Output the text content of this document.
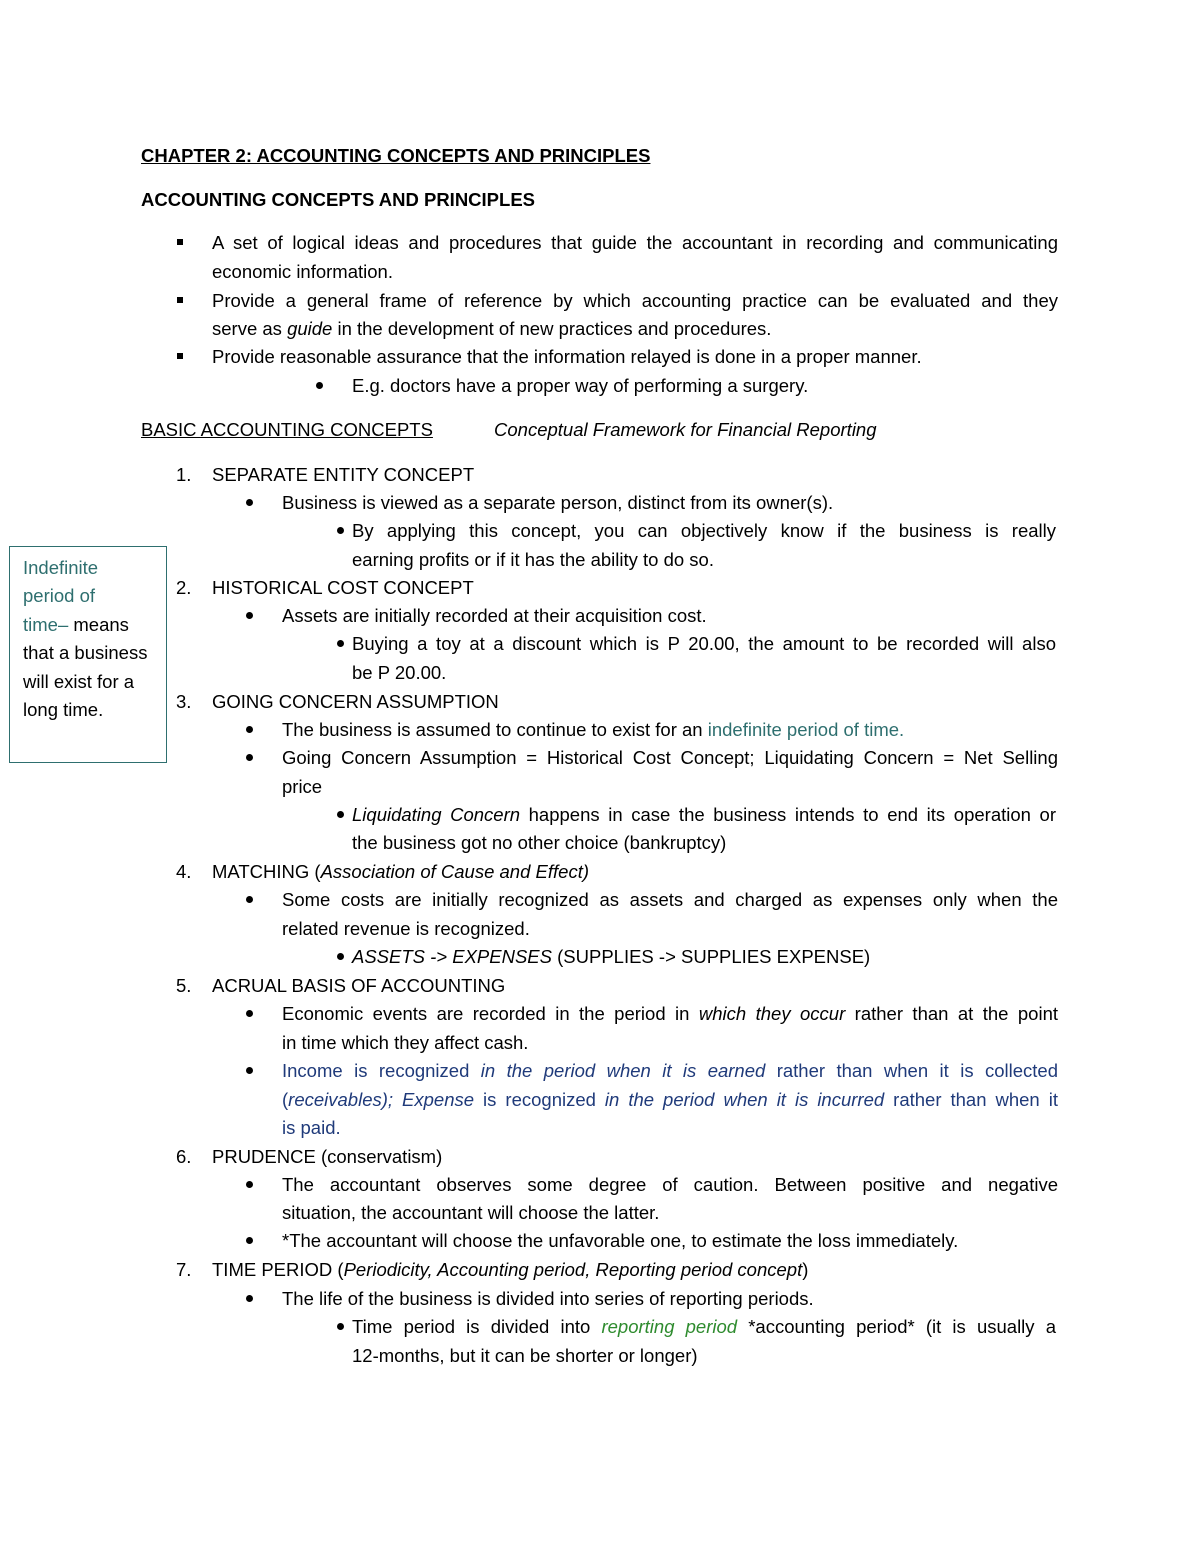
CHAPTER 2: ACCOUNTING CONCEPTS AND PRINCIPLES
ACCOUNTING CONCEPTS AND PRINCIPLES
A set of logical ideas and procedures that guide the accountant in recording and communicating
economic information.
Provide a general frame of reference by which accounting practice can be evaluated and they
serve as guide in the development of new practices and procedures.
Provide reasonable assurance that the information relayed is done in a proper manner.
E.g. doctors have a proper way of performing a surgery.
BASIC ACCOUNTING CONCEPTS	Conceptual Framework for Financial Reporting
Indefinite
period of
time– means
that a business
will exist for a
long time.
1. SEPARATE ENTITY CONCEPT
Business is viewed as a separate person, distinct from its owner(s).
By applying this concept, you can objectively know if the business is really
earning profits or if it has the ability to do so.
2. HISTORICAL COST CONCEPT
Assets are initially recorded at their acquisition cost.
Buying a toy at a discount which is P 20.00, the amount to be recorded will also
be P 20.00.
3. GOING CONCERN ASSUMPTION
The business is assumed to continue to exist for an indefinite period of time.
Going Concern Assumption = Historical Cost Concept; Liquidating Concern = Net Selling
price
Liquidating Concern happens in case the business intends to end its operation or
the business got no other choice (bankruptcy)
4. MATCHING (Association of Cause and Effect)
Some costs are initially recognized as assets and charged as expenses only when the
related revenue is recognized.
ASSETS -> EXPENSES (SUPPLIES -> SUPPLIES EXPENSE)
5. ACRUAL BASIS OF ACCOUNTING
Economic events are recorded in the period in which they occur rather than at the point
in time which they affect cash.
Income is recognized in the period when it is earned rather than when it is collected
(receivables); Expense is recognized in the period when it is incurred rather than when it
is paid.
6. PRUDENCE (conservatism)
The accountant observes some degree of caution. Between positive and negative
situation, the accountant will choose the latter.
*The accountant will choose the unfavorable one, to estimate the loss immediately.
7. TIME PERIOD (Periodicity, Accounting period, Reporting period concept)
The life of the business is divided into series of reporting periods.
Time period is divided into reporting period *accounting period* (it is usually a
12-months, but it can be shorter or longer)
